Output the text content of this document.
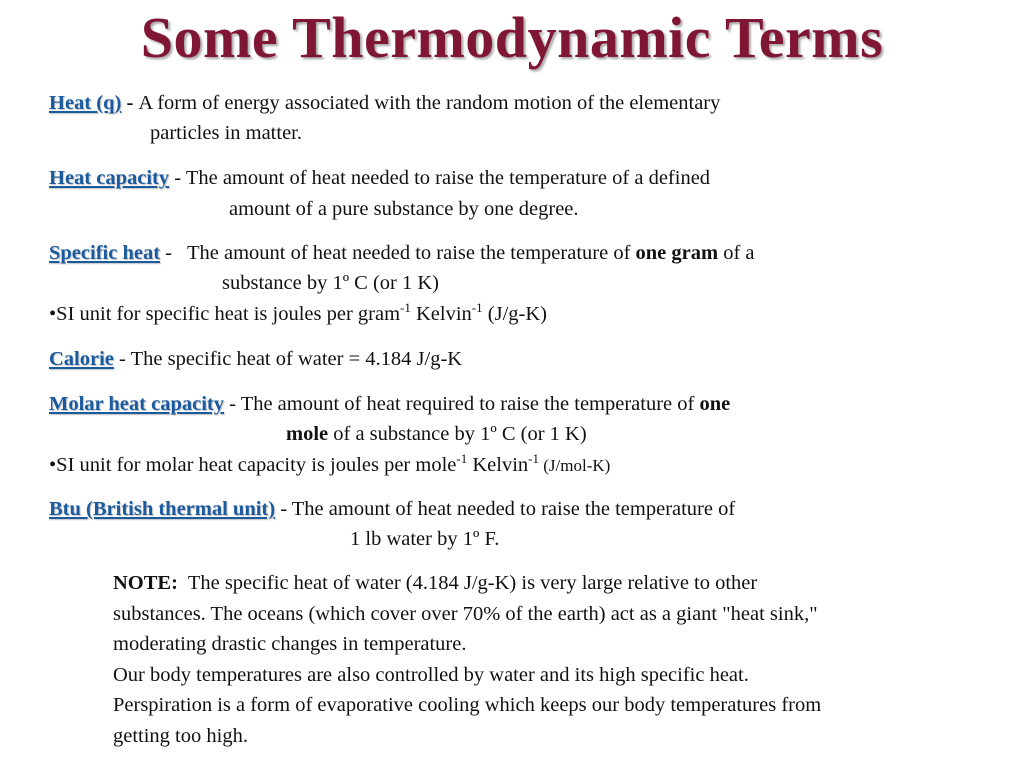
Some Thermodynamic Terms
Heat (q) - A form of energy associated with the random motion of the elementary
particles in matter.
Heat capacity - The amount of heat needed to raise the temperature of a defined
amount of a pure substance by one degree.
Specific heat -   The amount of heat needed to raise the temperature of one gram of a
substance by 1º C (or 1 K)
•SI unit for specific heat is joules per gram$^{-1}$ Kelvin$^{-1}$ (J/g-K)
Calorie - The specific heat of water = 4.184 J/g-K
Molar heat capacity - The amount of heat required to raise the temperature of one
mole of a substance by 1º C (or 1 K)
•SI unit for molar heat capacity is joules per mole$^{-1}$ Kelvin$^{-1}$ (J/mol-K)
Btu (British thermal unit) - The amount of heat needed to raise the temperature of
1 lb water by 1º F.
NOTE:  The specific heat of water (4.184 J/g-K) is very large relative to other
substances. The oceans (which cover over 70% of the earth) act as a giant "heat sink,"
moderating drastic changes in temperature.
Our body temperatures are also controlled by water and its high specific heat.
Perspiration is a form of evaporative cooling which keeps our body temperatures from
getting too high.
